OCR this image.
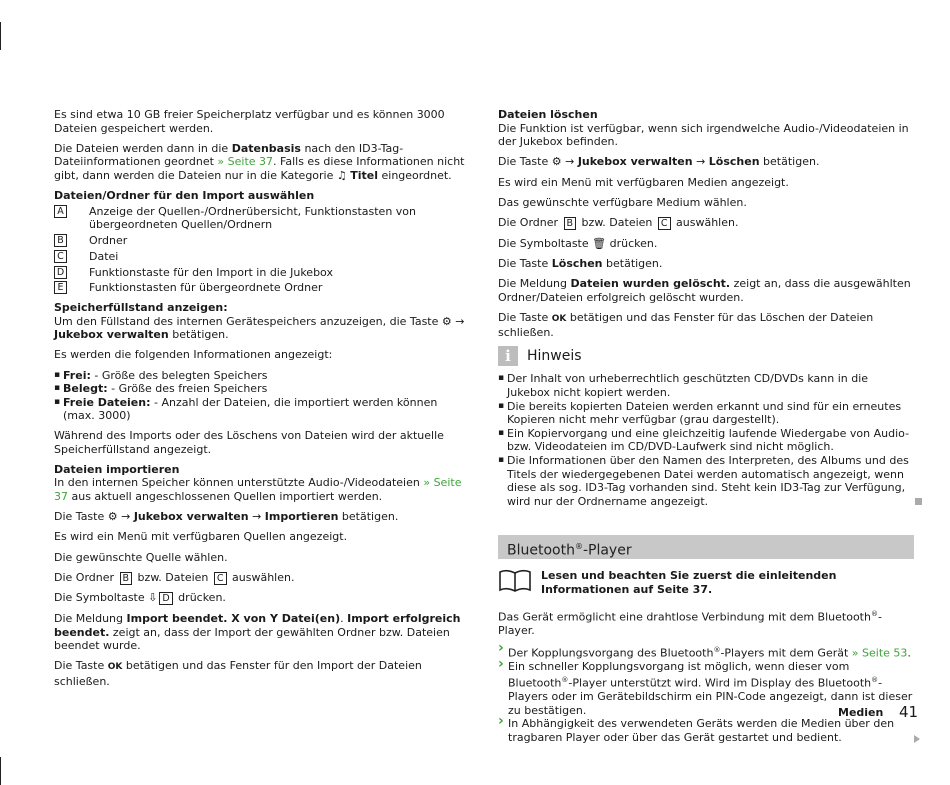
Es sind etwa 10 GB freier Speicherplatz verfügbar und es können 3000 Dateien gespeichert werden.

Die Dateien werden dann in die Datenbasis nach den ID3-Tag-Dateiinformationen geordnet » Seite 37. Falls es diese Informationen nicht gibt, dann werden die Dateien nur in die Kategorie ♫ Titel eingeordnet.

Dateien/Ordner für den Import auswählen
A Anzeige der Quellen-/Ordnerübersicht, Funktionstasten von übergeordneten Quellen/Ordnern
B Ordner
C Datei
D Funktionstaste für den Import in die Jukebox
E	Funktionstasten für übergeordnete Ordner

Speicherfüllstand anzeigen:
Um den Füllstand des internen Gerätespeichers anzuzeigen, die Taste ⚙ → Jukebox verwalten betätigen.

Es werden die folgenden Informationen angezeigt:

▪ Frei: - Größe des belegten Speichers
▪ Belegt: - Größe des freien Speichers
▪ Freie Dateien: - Anzahl der Dateien, die importiert werden können (max. 3000)

Während des Imports oder des Löschens von Dateien wird der aktuelle Speicherfüllstand angezeigt.

Dateien importieren
In den internen Speicher können unterstützte Audio-/Videodateien » Seite 37 aus aktuell angeschlossenen Quellen importiert werden.

Die Taste ⚙ → Jukebox verwalten → Importieren betätigen.

Es wird ein Menü mit verfügbaren Quellen angezeigt.

Die gewünschte Quelle wählen.

Die Ordner B bzw. Dateien C auswählen.

Die Symboltaste ⇩ D drücken.

Die Meldung Import beendet. X von Y Datei(en). Import erfolgreich beendet. zeigt an, dass der Import der gewählten Ordner bzw. Dateien beendet wurde.

Die Taste OK betätigen und das Fenster für den Import der Dateien schließen.

Dateien löschen
Die Funktion ist verfügbar, wenn sich irgendwelche Audio-/Videodateien in der Jukebox befinden.

Die Taste ⚙ → Jukebox verwalten → Löschen betätigen.

Es wird ein Menü mit verfügbaren Medien angezeigt.

Das gewünschte verfügbare Medium wählen.

Die Ordner B bzw. Dateien C auswählen.

Die Symboltaste 🗑 drücken.

Die Taste Löschen betätigen.

Die Meldung Dateien wurden gelöscht. zeigt an, dass die ausgewählten Ordner/Dateien erfolgreich gelöscht wurden.

Die Taste OK betätigen und das Fenster für das Löschen der Dateien schließen.

i	Hinweis
▪ Der Inhalt von urheberrechtlich geschützten CD/DVDs kann in die Jukebox nicht kopiert werden.
▪ Die bereits kopierten Dateien werden erkannt und sind für ein erneutes Kopieren nicht mehr verfügbar (grau dargestellt).
▪ Ein Kopiervorgang und eine gleichzeitig laufende Wiedergabe von Audio- bzw. Videodateien im CD/DVD-Laufwerk sind nicht möglich.
▪ Die Informationen über den Namen des Interpreten, des Albums und des Titels der wiedergegebenen Datei werden automatisch angezeigt, wenn diese als sog. ID3-Tag vorhanden sind. Steht kein ID3-Tag zur Verfügung, wird nur der Ordnername angezeigt.
Bluetooth®-Player
Lesen und beachten Sie zuerst die einleitenden Informationen auf Seite 37.

Das Gerät ermöglicht eine drahtlose Verbindung mit dem Bluetooth®-Player.

› Der Kopplungsvorgang des Bluetooth®-Players mit dem Gerät » Seite 53.
› Ein schneller Kopplungsvorgang ist möglich, wenn dieser vom Bluetooth®-Player unterstützt wird. Wird im Display des Bluetooth®-Players oder im Gerätebildschirm ein PIN-Code angezeigt, dann ist dieser zu bestätigen.
› In Abhängigkeit des verwendeten Geräts werden die Medien über den tragbaren Player oder über das Gerät gestartet und bedient.
Medien 41
